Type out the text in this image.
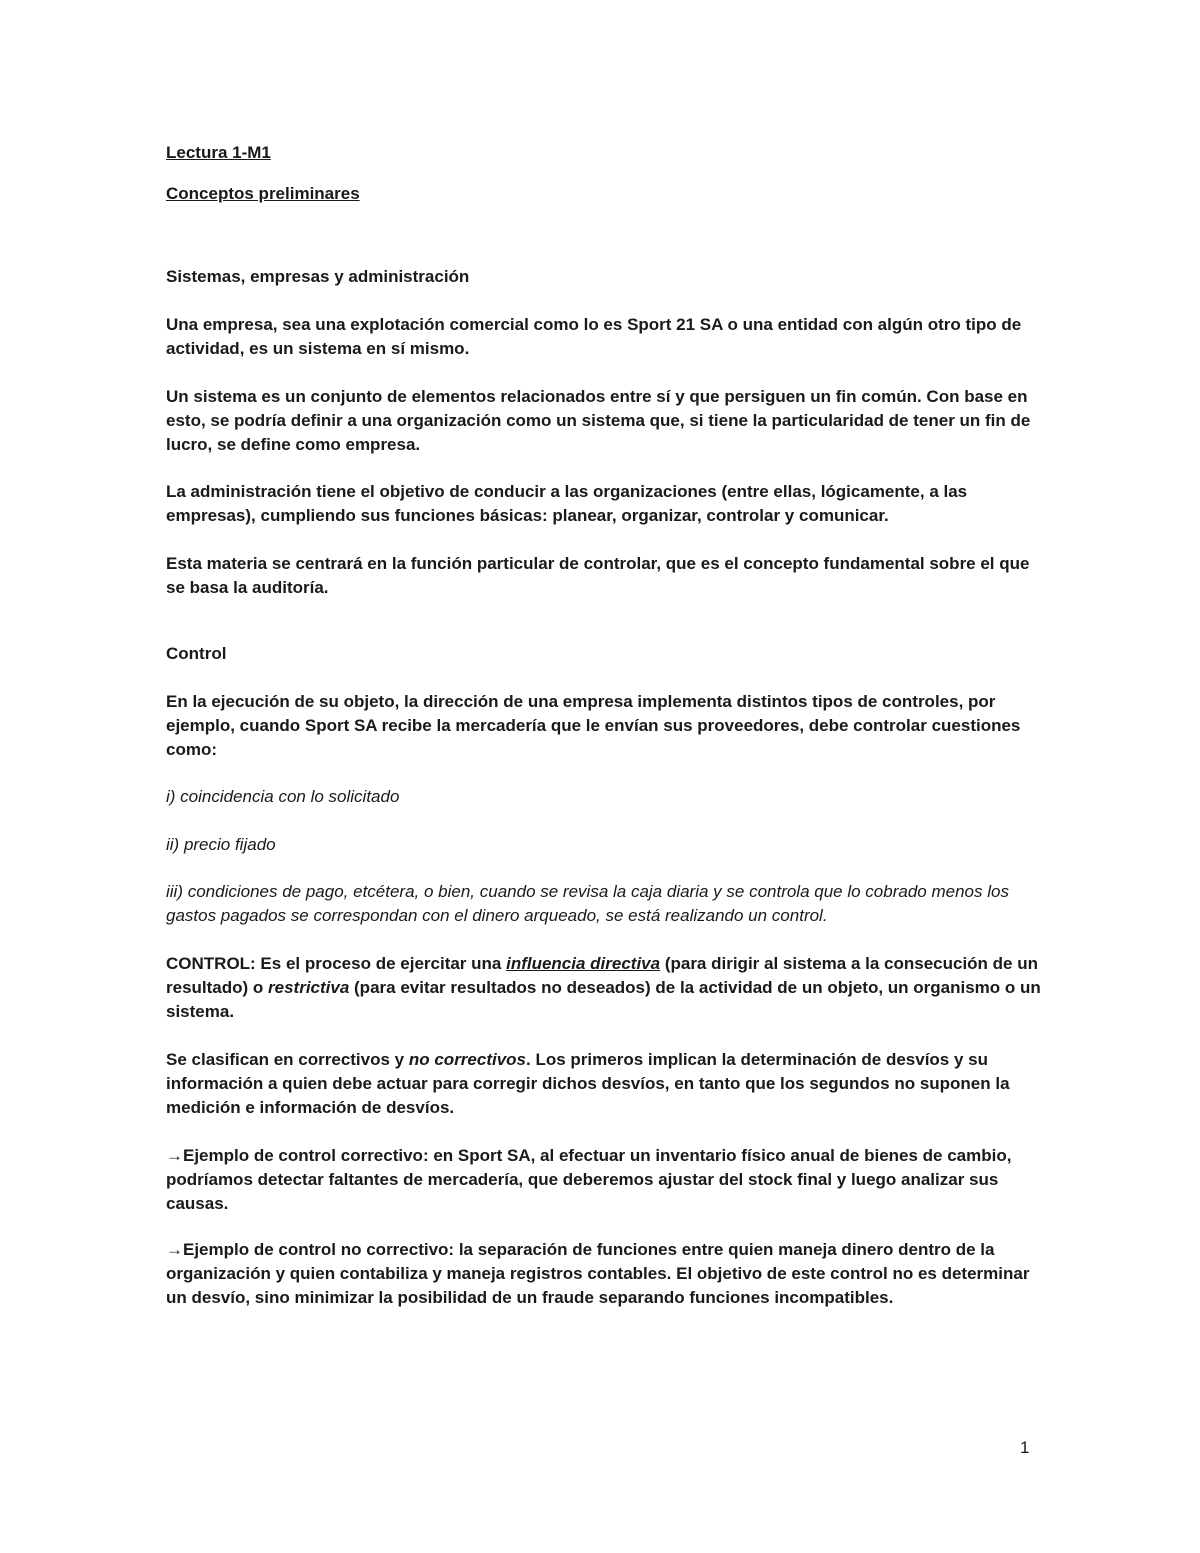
Lectura 1-M1

Conceptos preliminares

Sistemas, empresas y administración

Una empresa, sea una explotación comercial como lo es Sport 21 SA o una entidad con algún otro tipo de actividad, es un sistema en sí mismo.

Un sistema es un conjunto de elementos relacionados entre sí y que persiguen un fin común. Con base en esto, se podría definir a una organización como un sistema que, si tiene la particularidad de tener un fin de lucro, se define como empresa.

La administración tiene el objetivo de conducir a las organizaciones (entre ellas, lógicamente, a las empresas), cumpliendo sus funciones básicas: planear, organizar, controlar y comunicar.

Esta materia se centrará en la función particular de controlar, que es el concepto fundamental sobre el que se basa la auditoría.

Control

En la ejecución de su objeto, la dirección de una empresa implementa distintos tipos de controles, por ejemplo, cuando Sport SA recibe la mercadería que le envían sus proveedores, debe controlar cuestiones como:

i) coincidencia con lo solicitado

ii) precio fijado

iii) condiciones de pago, etcétera, o bien, cuando se revisa la caja diaria y se controla que lo cobrado menos los gastos pagados se correspondan con el dinero arqueado, se está realizando un control.

CONTROL: Es el proceso de ejercitar una influencia directiva (para dirigir al sistema a la consecución de un resultado) o restrictiva (para evitar resultados no deseados) de la actividad de un objeto, un organismo o un sistema.

Se clasifican en correctivos y no correctivos. Los primeros implican la determinación de desvíos y su información a quien debe actuar para corregir dichos desvíos, en tanto que los segundos no suponen la medición e información de desvíos.

→Ejemplo de control correctivo: en Sport SA, al efectuar un inventario físico anual de bienes de cambio, podríamos detectar faltantes de mercadería, que deberemos ajustar del stock final y luego analizar sus causas.

→Ejemplo de control no correctivo: la separación de funciones entre quien maneja dinero dentro de la organización y quien contabiliza y maneja registros contables. El objetivo de este control no es determinar un desvío, sino minimizar la posibilidad de un fraude separando funciones incompatibles.

1
